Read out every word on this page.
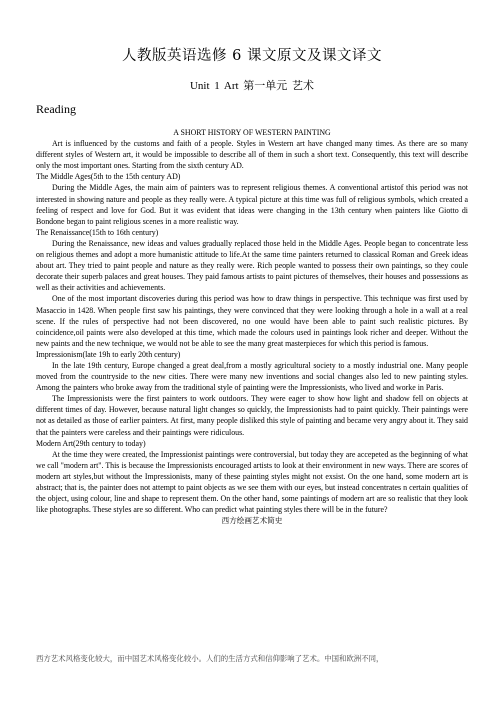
人教版英语选修 6 课文原文及课文译文
Unit 1 Art 第一单元 艺术
Reading

A SHORT HISTORY OF WESTERN PAINTING

Art is influenced by the customs and faith of a people. Styles in Western art have changed many times. As there are so many different styles of Western art, it would be impossible to describe all of them in such a short text. Consequently, this text will describe only the most important ones. Starting from the sixth century AD.

The Middle Ages(5th to the 15th century AD)

During the Middle Ages, the main aim of painters was to represent religious themes. A conventional artistof this period was not interested in showing nature and people as they really were. A typical picture at this time was full of religious symbols, which created a feeling of respect and love for God. But it was evident that ideas were changing in the 13th century when painters like Giotto di Bondone began to paint religious scenes in a more realistic way.

The Renaissance(15th to 16th century)

During the Renaissance, new ideas and values gradually replaced those held in the Middle Ages. People began to concentrate less on religious themes and adopt a more humanistic attitude to life.At the same time painters returned to classical Roman and Greek ideas about art. They tried to paint people and nature as they really were. Rich people wanted to possess their own paintings, so they coule decorate their superb palaces and great houses. They paid famous artists to paint pictures of themselves, their houses and possessions as well as their activities and achievements.

One of the most important discoveries during this period was how to draw things in perspective. This technique was first used by Masaccio in 1428. When people first saw his paintings, they were convinced that they were looking through a hole in a wall at a real scene. If the rules of perspective had not been discovered, no one would have been able to paint such realistic pictures. By coincidence,oil paints were also developed at this time, which made the colours used in paintings look richer and deeper. Without the new paints and the new technique, we would not be able to see the many great masterpieces for which this period is famous.

Impressionism(late 19h to early 20th century)

In the late 19th century, Europe changed a great deal,from a mostly agricultural society to a mostly industrial one. Many people moved from the countryside to the new cities. There were many new inventions and social changes also led to new painting styles. Among the painters who broke away from the traditional style of painting were the Impressionists, who lived and worke in Paris.

The Impressionists were the first painters to work outdoors. They were eager to show how light and shadow fell on objects at different times of day. However, because natural light changes so quickly, the Impressionists had to paint quickly. Their paintings were not as detailed as those of earlier painters. At first, many people disliked this style of painting and became very angry about it. They said that the painters were careless and their paintings were ridiculous.

Modern Art(29th century to today)

At the time they were created, the Impressionist paintings were controversial, but today they are accepeted as the beginning of what we call "modern art". This is because the Impressionists encouraged artists to look at their environment in new ways. There are scores of modern art styles,but without the Impressionists, many of these painting styles might not exsist. On the one hand, some modern art is abstract; that is, the painter does not attempt to paint objects as we see them with our eyes, but instead concentrates n certain qualities of the object, using colour, line and shape to represent them. On the other hand, some paintings of modern art are so realistic that they look like photographs. These styles are so different. Who can predict what painting styles there will be in the future?

西方绘画艺术简史

西方艺术风格变化较大，而中国艺术风格变化较小。人们的生活方式和信仰影响了艺术。中国和欧洲不同，
